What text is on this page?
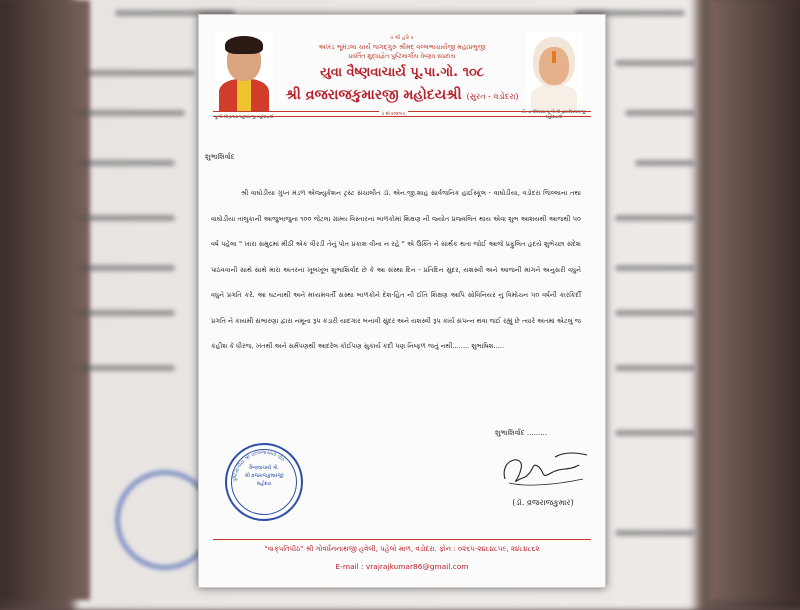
॥ શ્રી હરિ ॥
અખંડ ભૂમંડલા ચાર્ય જગદ્‌ગુરુ શ્રીમદ્ વલ્લભાચાર્યજી મહાપ્રભુજી
પ્રવર્તિત શુદ્ધાદ્વૈત પુષ્ટિમાર્ગીય વૈષ્ણવ સંપ્રદાય
યુવા વૈષ્ણવાચાર્ય પૂ.પા.ગો. ૧૦૮
શ્રી વ્રજરાજકુમારજી મહોદયશ્રી (સુરત - વડોદરા)
॥ શ્રી વલ્લભ ॥
શુભાશિર્વાદ
શ્રી વાઘોડીયા ગુપ્ત મંડળ એજ્યુકેશન ટ્રસ્ટ સંચાલીત ડૉ. એન.જી.શાહ સાર્વજનિક હાઈસ્કૂલ - વાઘોડીયા, વડોદરા જિલ્લાના તથા વાઘોડીયા તાલુકાની આજુબાજુના ૧૦૦ જેટલા ગ્રામ્ય વિસ્તારના બાળકોમાં શિક્ષણ ની જ્યોત પ્રજ્વલિત થાય એવા શુભ આશયથી આજથી ૫૦ વર્ષ પહેલા " ખારા સમુદ્રમાં મીઠી એક વીરડી તેનું પોત પ્રકાશ વીના ન રહે " એ ઉક્તિ ને સાર્થક થતા જોઈ આજે પ્રફુલિત હૃદયે શુભેચ્છા સંદેશ પાઠવવાની સાથે સાથે મારા અંતરના ખૂબખૂબ શુભાશિર્વાદ છે કે આ સંસ્થા દિન - પ્રતિદિન સુંદર, યશસ્વી અને આજની માંગને અનુસરી વધુને વધુને પ્રગતિ કરે. આ ઘટનાથી અને મધ્યમવર્તી સંસ્થા બાળકોને દેશ-હિત ની ઈતિ શિક્ષણ આપિ સોવિનિયર નું વિમોચન ૫૦ વર્ષની કારકિર્દી પ્રગતિ ને કાયમી સંભારણા દ્વારા નમૂના રૂપ કંડારી યાદગાર બનાવી સુંદર અને યશસ્વી રૂપ કાર્ય સંપન્ન થવા જઈ રહ્યું છે ત્યારે અંતમાં એટલું જ કહીશ કે ધીરજ, ખંતથી અને સર્મપણથી આદરેલ કોઈપણ સુકાર્ય કદી પણ નિષ્ફળ જતું નથી........ શુભાષિશ.....
શુભાશિર્વાદ .........
(ડૉ. વ્રજરાજકુમાર)
પુષ્ટિમાર્ગીય શ્રી વલ્લભાચાર્ય પીઠ
વૈષ્ણવાચાર્ય ગો.
શ્રી વ્રજરાજકુમારજી
મહોદય
"વાક્‌પતિપીઠ" શ્રી ગોવર્ધનનાથજી હવેલી, પહેલો માળ, વડોદરા. ફોન : ૦૨૬૫-૨૪૮૪૮૫૯, ૨૪૮૪૮૬૨
E-mail : vrajrajkumar86@gmail.com
